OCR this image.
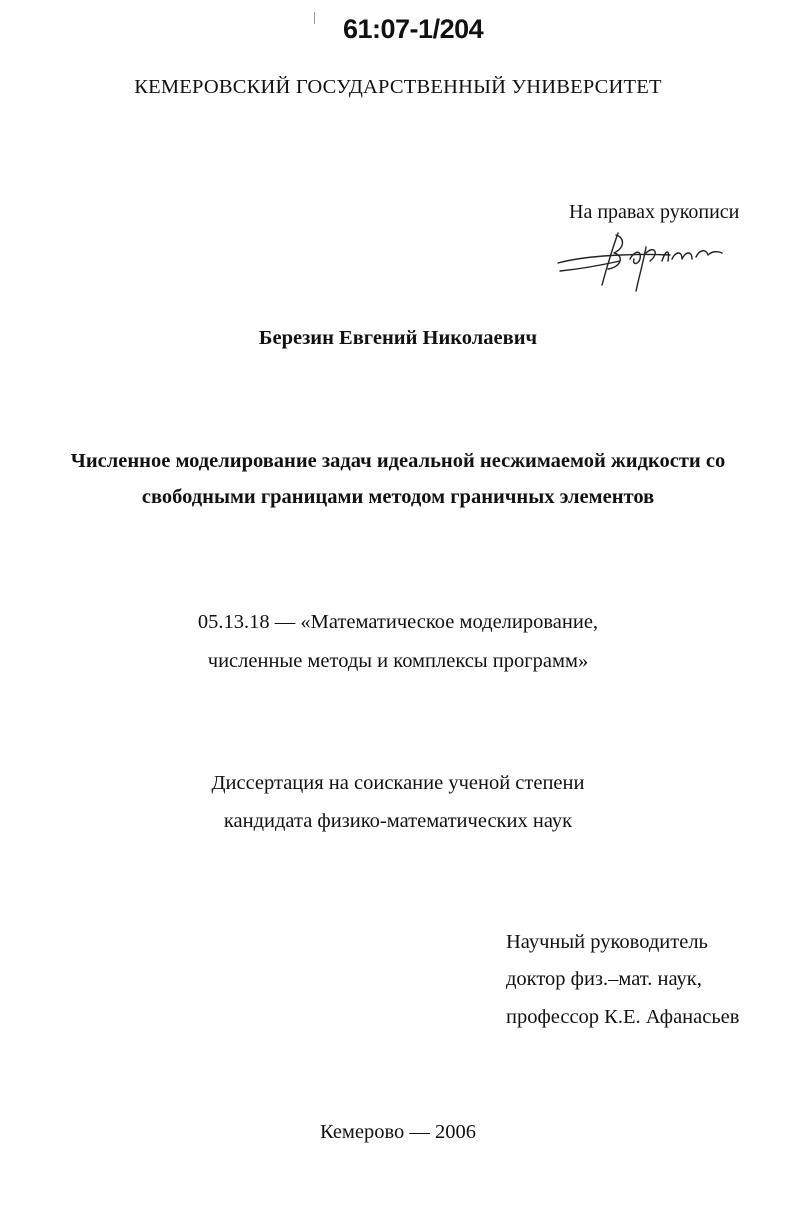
61:07-1/204
КЕМЕРОВСКИЙ ГОСУДАРСТВЕННЫЙ УНИВЕРСИТЕТ
На правах рукописи
Березин Евгений Николаевич
Численное моделирование задач идеальной несжимаемой жидкости со
свободными границами методом граничных элементов
05.13.18 — «Математическое моделирование,
численные методы и комплексы программ»
Диссертация на соискание ученой степени
кандидата физико-математических наук
Научный руководитель
доктор физ.–мат. наук,
профессор К.Е. Афанасьев
Кемерово — 2006
